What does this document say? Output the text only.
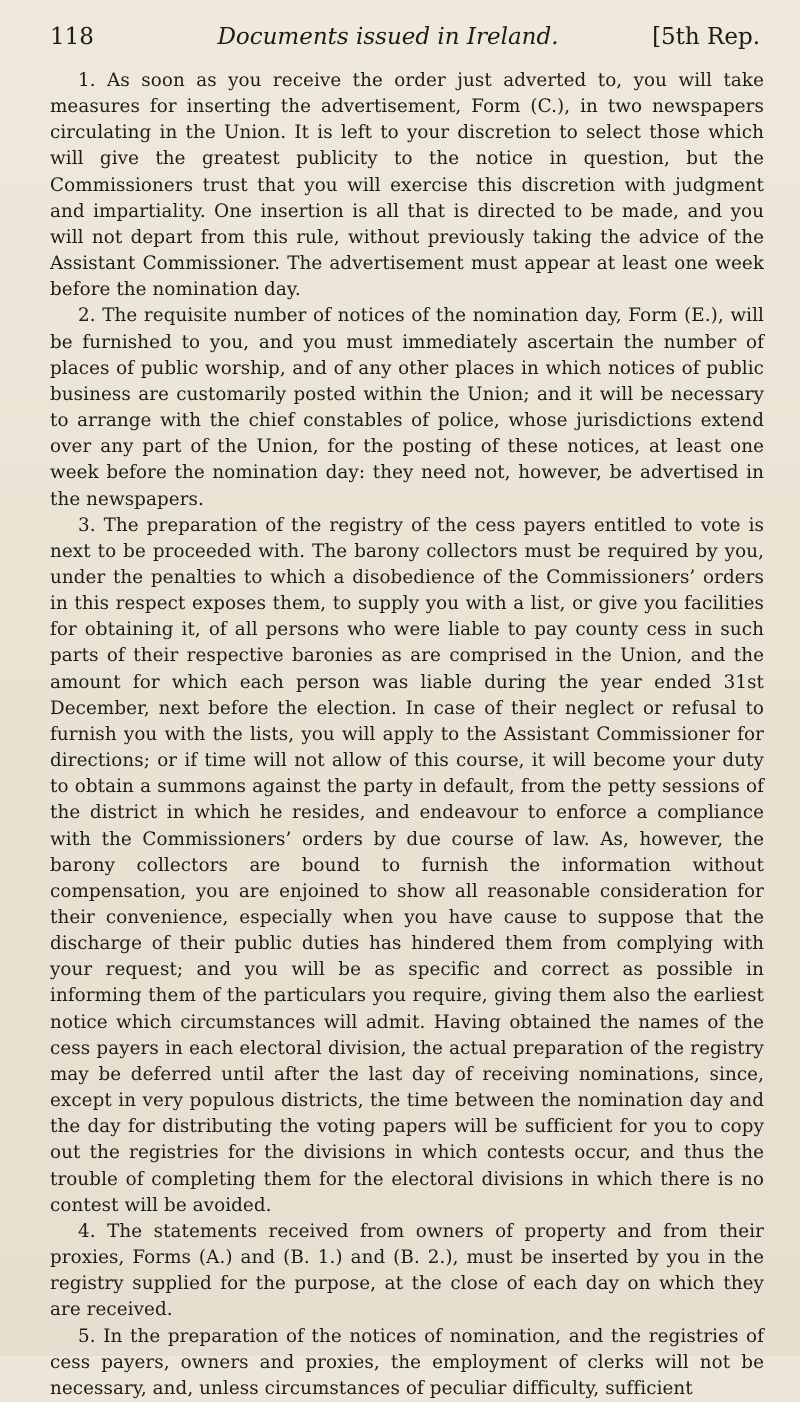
118	Documents issued in Ireland.	[5th Rep.

1. As soon as you receive the order just adverted to, you will take measures for inserting the advertisement, Form (C.), in two newspapers circulating in the Union. It is left to your discretion to select those which will give the greatest publicity to the notice in question, but the Commissioners trust that you will exercise this discretion with judgment and impartiality. One insertion is all that is directed to be made, and you will not depart from this rule, without previously taking the advice of the Assistant Commissioner. The advertisement must appear at least one week before the nomination day.

2. The requisite number of notices of the nomination day, Form (E.), will be furnished to you, and you must immediately ascertain the number of places of public worship, and of any other places in which notices of public business are customarily posted within the Union; and it will be necessary to arrange with the chief constables of police, whose jurisdictions extend over any part of the Union, for the posting of these notices, at least one week before the nomination day: they need not, however, be advertised in the newspapers.

3. The preparation of the registry of the cess payers entitled to vote is next to be proceeded with. The barony collectors must be required by you, under the penalties to which a disobedience of the Commissioners’ orders in this respect exposes them, to supply you with a list, or give you facilities for obtaining it, of all persons who were liable to pay county cess in such parts of their respective baronies as are comprised in the Union, and the amount for which each person was liable during the year ended 31st December, next before the election. In case of their neglect or refusal to furnish you with the lists, you will apply to the Assistant Commissioner for directions; or if time will not allow of this course, it will become your duty to obtain a summons against the party in default, from the petty sessions of the district in which he resides, and endeavour to enforce a compliance with the Commissioners’ orders by due course of law. As, however, the barony collectors are bound to furnish the information without compensation, you are enjoined to show all reasonable consideration for their convenience, especially when you have cause to suppose that the discharge of their public duties has hindered them from complying with your request; and you will be as specific and correct as possible in informing them of the particulars you require, giving them also the earliest notice which circumstances will admit. Having obtained the names of the cess payers in each electoral division, the actual preparation of the registry may be deferred until after the last day of receiving nominations, since, except in very populous districts, the time between the nomination day and the day for distributing the voting papers will be sufficient for you to copy out the registries for the divisions in which contests occur, and thus the trouble of completing them for the electoral divisions in which there is no contest will be avoided.

4. The statements received from owners of property and from their proxies, Forms (A.) and (B. 1.) and (B. 2.), must be inserted by you in the registry supplied for the purpose, at the close of each day on which they are received.

5. In the preparation of the notices of nomination, and the registries of cess payers, owners and proxies, the employment of clerks will not be necessary, and, unless circumstances of peculiar difficulty, sufficient
